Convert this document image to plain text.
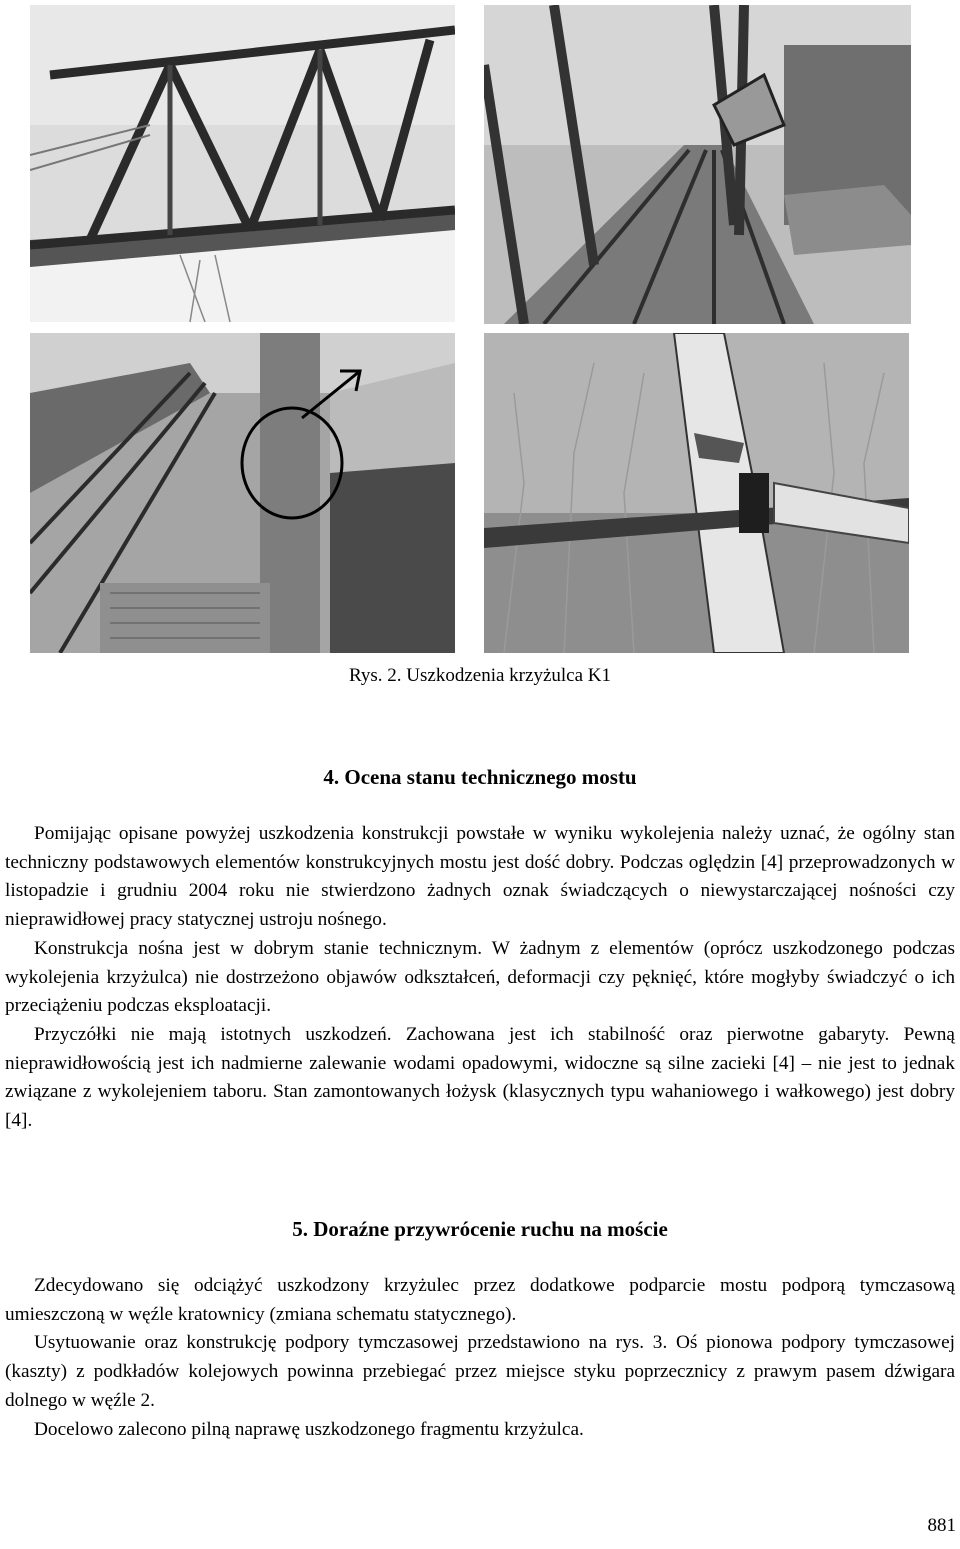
Rys. 2. Uszkodzenia krzyżulca K1
4. Ocena stanu technicznego mostu

Pomijając opisane powyżej uszkodzenia konstrukcji powstałe w wyniku wykolejenia należy uznać, że ogólny stan techniczny podstawowych elementów konstrukcyjnych mostu jest dość dobry. Podczas oględzin [4] przeprowadzonych w listopadzie i grudniu 2004 roku nie stwierdzono żadnych oznak świadczących o niewystarczającej nośności czy nieprawidłowej pracy statycznej ustroju nośnego.

Konstrukcja nośna jest w dobrym stanie technicznym. W żadnym z elementów (oprócz uszkodzonego podczas wykolejenia krzyżulca) nie dostrzeżono objawów odkształceń, deformacji czy pęknięć, które mogłyby świadczyć o ich przeciążeniu podczas eksploatacji.

Przyczółki nie mają istotnych uszkodzeń. Zachowana jest ich stabilność oraz pierwotne gabaryty. Pewną nieprawidłowością jest ich nadmierne zalewanie wodami opadowymi, widoczne są silne zacieki [4] – nie jest to jednak związane z wykolejeniem taboru. Stan zamontowanych łożysk (klasycznych typu wahaniowego i wałkowego) jest dobry [4].

5. Doraźne przywrócenie ruchu na moście

Zdecydowano się odciążyć uszkodzony krzyżulec przez dodatkowe podparcie mostu podporą tymczasową umieszczoną w węźle kratownicy (zmiana schematu statycznego).

Usytuowanie oraz konstrukcję podpory tymczasowej przedstawiono na rys. 3. Oś pionowa podpory tymczasowej (kaszty) z podkładów kolejowych powinna przebiegać przez miejsce styku poprzecznicy z prawym pasem dźwigara dolnego w węźle 2.

Docelowo zalecono pilną naprawę uszkodzonego fragmentu krzyżulca.

881
